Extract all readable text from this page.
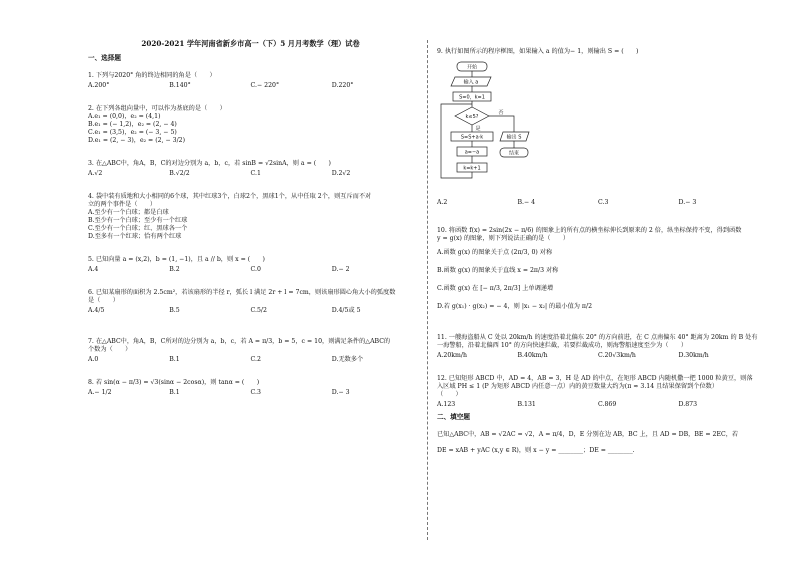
2020-2021 学年河南省新乡市高一（下）5 月月考数学（理）试卷
一、选择题
1. 下列与2020° 角的终边相同的角是（　　）
A.200°	B.140°	C.− 220°	D.220°
2. 在下列各组向量中，可以作为基底的是（　　）
A.e₁ = (0,0)，e₂ = (4,1)
B.e₁ = (− 1,2)，e₂ = (2, − 4)
C.e₁ = (3,5)，e₂ = (− 3, − 5)
D.e₁ = (2, − 3)，e₂ = (2, − 3/2)
3. 在△ABC中，角A，B，C的对边分别为 a，b，c，若 sinB = √2sinA，则 a = (　　)
A.√2	B.√2/2	C.1	D.2√2
4. 袋中装有质地和大小相同的6个球，其中红球3个，白球2个，黑球1个，从中任取 2个，则互斥而不对
立的两个事件是（　　）
A.至少有一个白球；都是白球
B.至少有一个白球；至少有一个红球
C.至少有一个白球；红、黑球各一个
D.至多有一个红球；恰有两个红球
5. 已知向量 a = (x,2)，b = (1, −1)，且 a // b，则 x = (　　)
A.4	B.2	C.0	D.− 2
6. 已知某扇形的面积为 2.5cm²，若该扇形的半径 r，弧长 l 满足 2r + l = 7cm，则该扇形圆心角大小的弧度数
是（　　）
A.4/5	B.5	C.5/2	D.4/5或 5
7. 在△ABC中，角A，B，C所对的边分别为 a，b，c，若 A = π/3，b = 5，c = 10，则满足条件的△ABC的
个数为（　　）
A.0	B.1	C.2	D.无数多个
8. 若 sin(α − π/3) = √3(sinα − 2cosα)，则 tanα = (　　)
A.− 1/2	B.1	C.3	D.− 3
9. 执行如图所示的程序框图，如果输入 a 的值为− 1，则输出 S = (　　)
开始
输入 a
S=0，k=1
k≤5?
是
否
S=S+a·k
a=−a
k=k+1
输出 S
结束
A.2	B.− 4	C.3	D.− 3
10. 将函数 f(x) = 2sin(2x − π/6) 的图象上的所有点的横坐标伸长到原来的 2 倍，纵坐标保持不变，得到函数
y = g(x) 的图象，则下列说法正确的是（　　）
A.函数 g(x) 的图象关于点 (2π/3, 0) 对称
B.函数 g(x) 的图象关于直线 x = 2π/3 对称
C.函数 g(x) 在 [− π/3, 2π/3] 上单调递增
D.若 g(x₁) · g(x₂) = − 4，则 |x₁ − x₂| 的最小值为 π/2
11. 一艘海盗船从 C 处以 20km/h 的速度沿着北偏东 20° 的方向前进，在 C 点南偏东 40° 距离为 20km 的 B 处有
一海警船，沿着北偏西 10° 的方向快速拦截，若要拦截成功，则海警船速度至少为（　　）
A.20km/h	B.40km/h	C.20√3km/h	D.30km/h
12. 已知矩形 ABCD 中，AD = 4，AB = 3，H 是 AD 的中点，在矩形 ABCD 内随机撒一把 1000 粒黄豆，则落
入区域 PH ≤ 1 (P 为矩形 ABCD 内任意一点）内的黄豆数量大约为(π ≈ 3.14 且结果保留到个位数）
（　　）
A.123	B.131	C.869	D.873
二、填空题
已知△ABC中，AB = √2AC = √2，A = π/4，D，E 分别在边 AB，BC 上，且 AD = DB，BE = 2EC，若
DE = xAB + yAC (x,y ∈ R)，则 x − y = ________；DE = ________.
